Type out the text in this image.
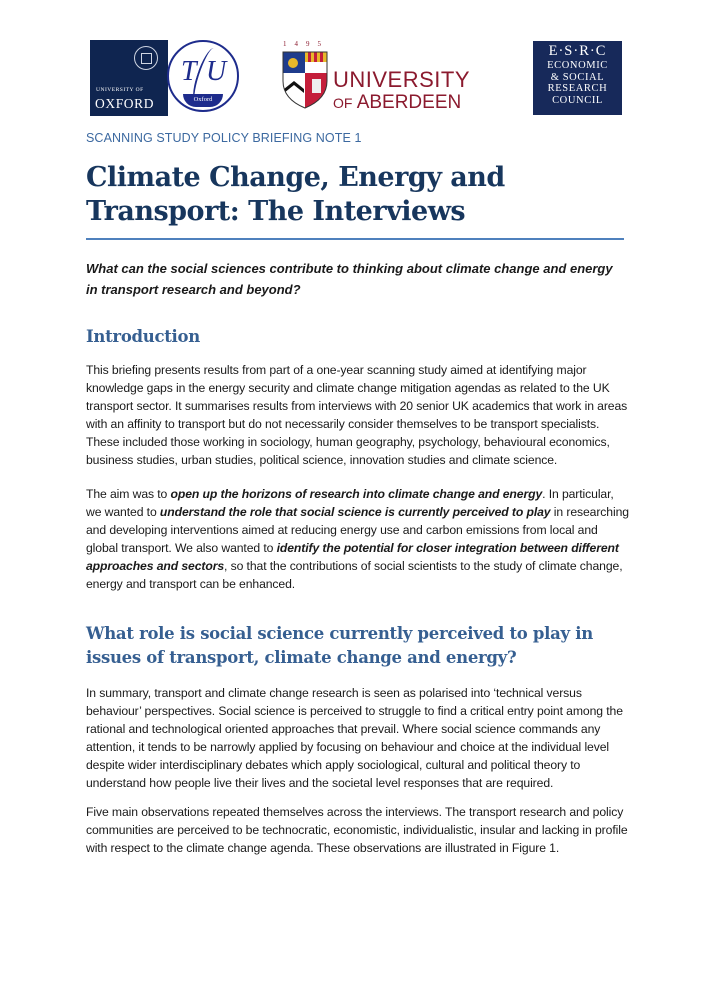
UNIVERSITY OF
OXFORD
T U
Oxford
1495
UNIVERSITY
OF ABERDEEN
E·S·R·C
ECONOMIC
& SOCIAL
RESEARCH
COUNCIL
SCANNING STUDY POLICY BRIEFING NOTE 1
Climate Change, Energy and
Transport: The Interviews

What can the social sciences contribute to thinking about climate change and energy in transport research and beyond?

Introduction

This briefing presents results from part of a one-year scanning study aimed at identifying major knowledge gaps in the energy security and climate change mitigation agendas as related to the UK transport sector. It summarises results from interviews with 20 senior UK academics that work in areas with an affinity to transport but do not necessarily consider themselves to be transport specialists. These included those working in sociology, human geography, psychology, behavioural economics, business studies, urban studies, political science, innovation studies and climate science.

The aim was to open up the horizons of research into climate change and energy. In particular, we wanted to understand the role that social science is currently perceived to play in researching and developing interventions aimed at reducing energy use and carbon emissions from local and global transport. We also wanted to identify the potential for closer integration between different approaches and sectors, so that the contributions of social scientists to the study of climate change, energy and transport can be enhanced.

What role is social science currently perceived to play in issues of transport, climate change and energy?

In summary, transport and climate change research is seen as polarised into ‘technical versus behaviour’ perspectives. Social science is perceived to struggle to find a critical entry point among the rational and technological oriented approaches that prevail. Where social science commands any attention, it tends to be narrowly applied by focusing on behaviour and choice at the individual level despite wider interdisciplinary debates which apply sociological, cultural and political theory to understand how people live their lives and the societal level responses that are required.

Five main observations repeated themselves across the interviews. The transport research and policy communities are perceived to be technocratic, economistic, individualistic, insular and lacking in profile with respect to the climate change agenda. These observations are illustrated in Figure 1.
